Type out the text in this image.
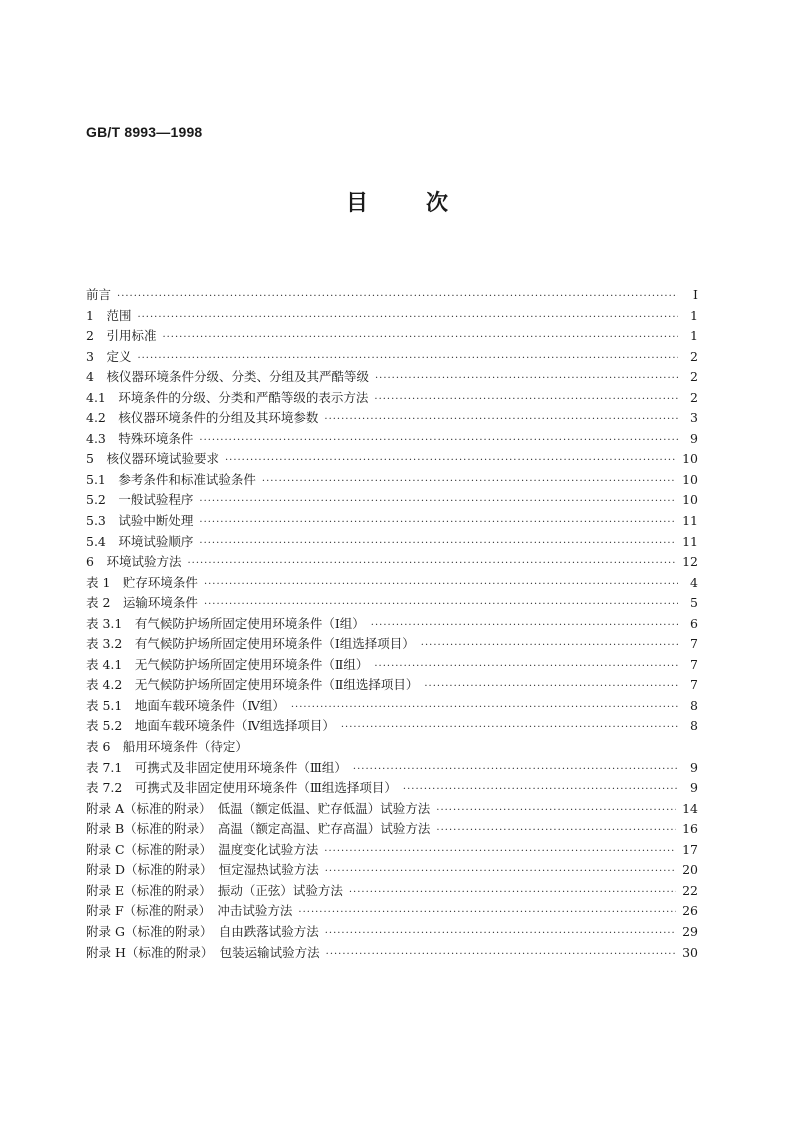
GB/T 8993—1998
目	次
前言 ·····	I
1　范围 ·····	1
2　引用标准 ·····	1
3　定义 ·····	2
4　核仪器环境条件分级、分类、分组及其严酷等级 ·····	2
4.1　环境条件的分级、分类和严酷等级的表示方法 ·····	2
4.2　核仪器环境条件的分组及其环境参数 ·····	3
4.3　特殊环境条件 ·····	9
5　核仪器环境试验要求 ·····	10
5.1　参考条件和标准试验条件 ·····	10
5.2　一般试验程序 ·····	10
5.3　试验中断处理 ·····	11
5.4　环境试验顺序 ·····	11
6　环境试验方法 ·····	12
表 1　贮存环境条件 ·····	4
表 2　运输环境条件 ·····	5
表 3.1　有气候防护场所固定使用环境条件（Ⅰ组） ·····	6
表 3.2　有气候防护场所固定使用环境条件（Ⅰ组选择项目） ·····	7
表 4.1　无气候防护场所固定使用环境条件（Ⅱ组） ·····	7
表 4.2　无气候防护场所固定使用环境条件（Ⅱ组选择项目） ·····	7
表 5.1　地面车载环境条件（Ⅳ组） ·····	8
表 5.2　地面车载环境条件（Ⅳ组选择项目） ·····	8
表 6　船用环境条件（待定）
表 7.1　可携式及非固定使用环境条件（Ⅲ组） ·····	9
表 7.2　可携式及非固定使用环境条件（Ⅲ组选择项目） ·····	9
附录 A（标准的附录）　低温（额定低温、贮存低温）试验方法 ·····	14
附录 B（标准的附录）　高温（额定高温、贮存高温）试验方法 ·····	16
附录 C（标准的附录）　温度变化试验方法 ·····	17
附录 D（标准的附录）　恒定湿热试验方法 ·····	20
附录 E（标准的附录）　振动（正弦）试验方法 ·····	22
附录 F（标准的附录）　冲击试验方法 ·····	26
附录 G（标准的附录）　自由跌落试验方法 ·····	29
附录 H（标准的附录）　包装运输试验方法 ·····	30
